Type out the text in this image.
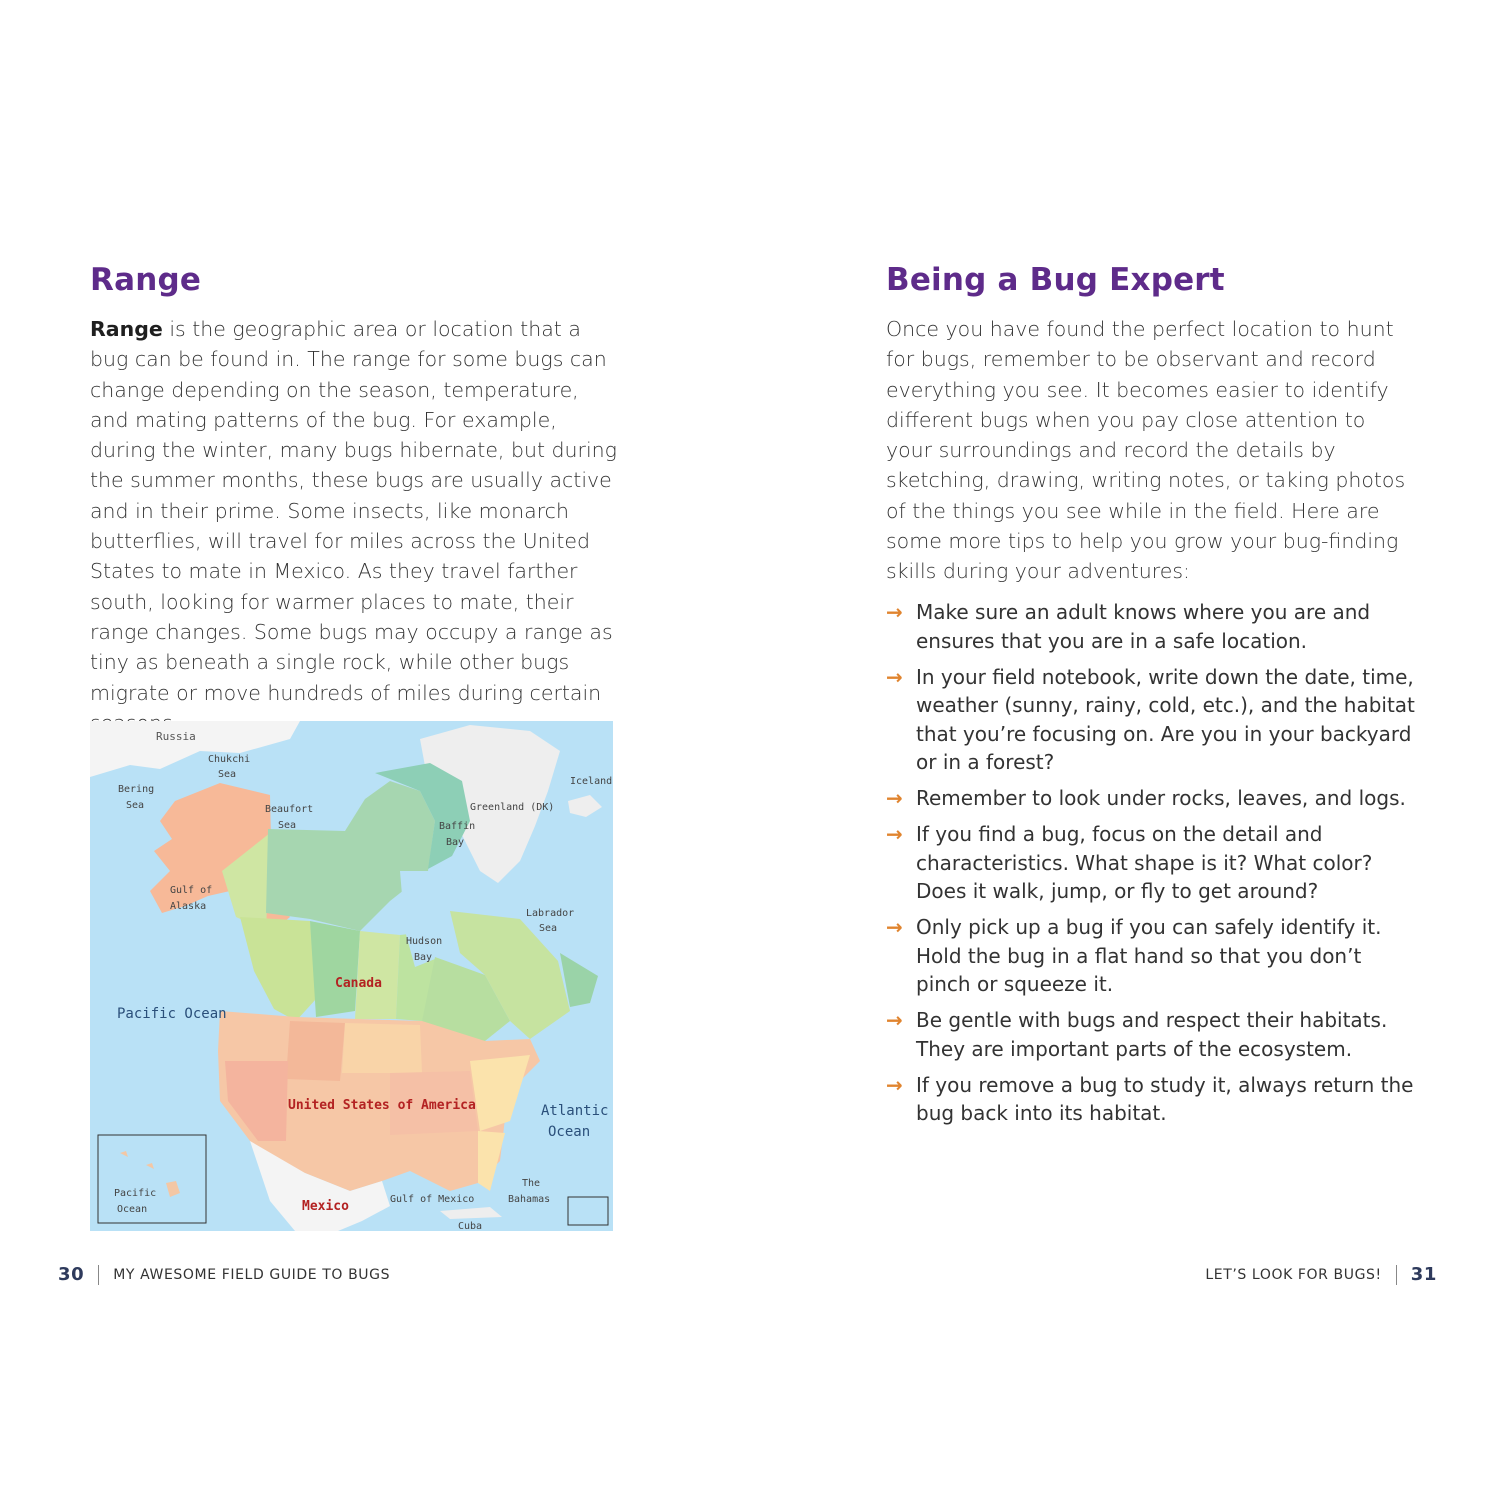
Range

Range is the geographic area or location that a bug can be found in. The range for some bugs can change depending on the season, temperature, and mating patterns of the bug. For example, during the winter, many bugs hibernate, but during the summer months, these bugs are usually active and in their prime. Some insects, like monarch butterflies, will travel for miles across the United States to mate in Mexico. As they travel farther south, looking for warmer places to mate, their range changes. Some bugs may occupy a range as tiny as beneath a single rock, while other bugs migrate or move hundreds of miles during certain

Russia
Chukchi
Sea
Bering
Sea	Beaufort
Sea
Greenland (DK)
Iceland
Baffin
Bay
Gulf of
Alaska
Labrador
Sea
Hudson
Bay
Canada
Pacific Ocean
United States of America	Atlantic
Ocean
Pacific
Ocean	Mexico	Gulf of Mexico
The
Bahamas
Cuba
30 MY AWESOME FIELD GUIDE TO BUGS
Being a Bug Expert

Once you have found the perfect location to hunt for bugs, remember to be observant and record everything you see. It becomes easier to identify different bugs when you pay close attention to your surroundings and record the details by sketching, drawing, writing notes, or taking photos of the things you see while in the field. Here are some more tips to help you grow your bug-finding skills during your adventures:

→ Make sure an adult knows where you are and ensures that you are in a safe location.
→ In your field notebook, write down the date, time, weather (sunny, rainy, cold, etc.), and the habitat that you’re focusing on. Are you in your backyard or in a forest?
→ Remember to look under rocks, leaves, and logs.
→ If you find a bug, focus on the detail and characteristics. What shape is it? What color? Does it walk, jump, or fly to get around?
→ Only pick up a bug if you can safely identify it. Hold the bug in a flat hand so that you don’t pinch or squeeze it.
→ Be gentle with bugs and respect their habitats. They are important parts of the ecosystem.
→ If you remove a bug to study it, always return the bug back into its habitat.
LET’S LOOK FOR BUGS! 31
